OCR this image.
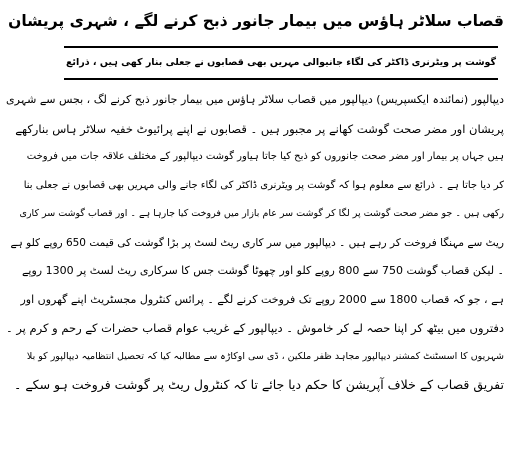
قصاب سلاٹر ہاؤس میں بیمار جانور ذبح کرنے لگے ، شہری پریشان
گوشت پر ویٹرنری ڈاکٹر کی لگاء جانیوالی مہریں بھی قصابوں نے جعلی بنار کھی ہیں ، ذرائع
دیپالپور (نمائندہ ایکسپریس) دیپالپور میں قصاب سلاٹر ہاؤس میں بیمار جانور ذبح کرنے لگ ، بجس سے شہری
پریشان اور مضر صحت گوشت کھانے پر مجبور ہیں ۔ قصابوں نے اپنے پرائیوٹ خفیہ سلاٹر ہاس بنارکھے
ہیں جہاں پر بیمار اور مضر صحت جانوروں کو ذبح کیا جاتا ہیاور گوشت دیپالپور کے مختلف علاقہ جات میں فروخت
کر دیا جاتا ہے ۔ ذرائع سے معلوم ہوا کہ گوشت پر ویٹرنری ڈاکٹر کی لگاء جانے والی مہریں بھی قصابوں نے جعلی بنا
رکھی ہیں ۔ جو مضر صحت گوشت پر لگا کر گوشت سر عام بازار میں فروخت کیا جارہا ہے ۔ اور قصاب گوشت سر کاری
ریٹ سے مہنگا فروخت کر رہے ہیں ۔ دیپالپور میں سر کاری ریٹ لسٹ پر بڑا گوشت کی قیمت 650 روپے کلو ہے
۔ لیکن قصاب گوشت 750 سے 800 روپے کلو اور چھوٹا گوشت جس کا سرکاری ریٹ لسٹ پر 1300 روپے
ہے ، جو کہ قصاب 1800 سے 2000 روپے تک فروخت کرنے لگے ۔ پرائس کنٹرول مجسٹریٹ اپنے گھروں اور
دفتروں میں بیٹھ کر اپنا حصہ لے کر خاموش ۔ دیپالپور کے غریب عوام قصاب حضرات کے رحم و کرم پر ۔
شہریوں کا اسسٹنٹ کمشنر دیپالپور مجاہد ظفر ملکین ، ڈی سی اوکاڑہ سے مطالبہ کیا کہ تحصیل انتظامیہ دیپالپور کو بلا
تفریق قصاب کے خلاف آپریشن کا حکم دیا جائے تا کہ کنٹرول ریٹ پر گوشت فروخت ہو سکے ۔
